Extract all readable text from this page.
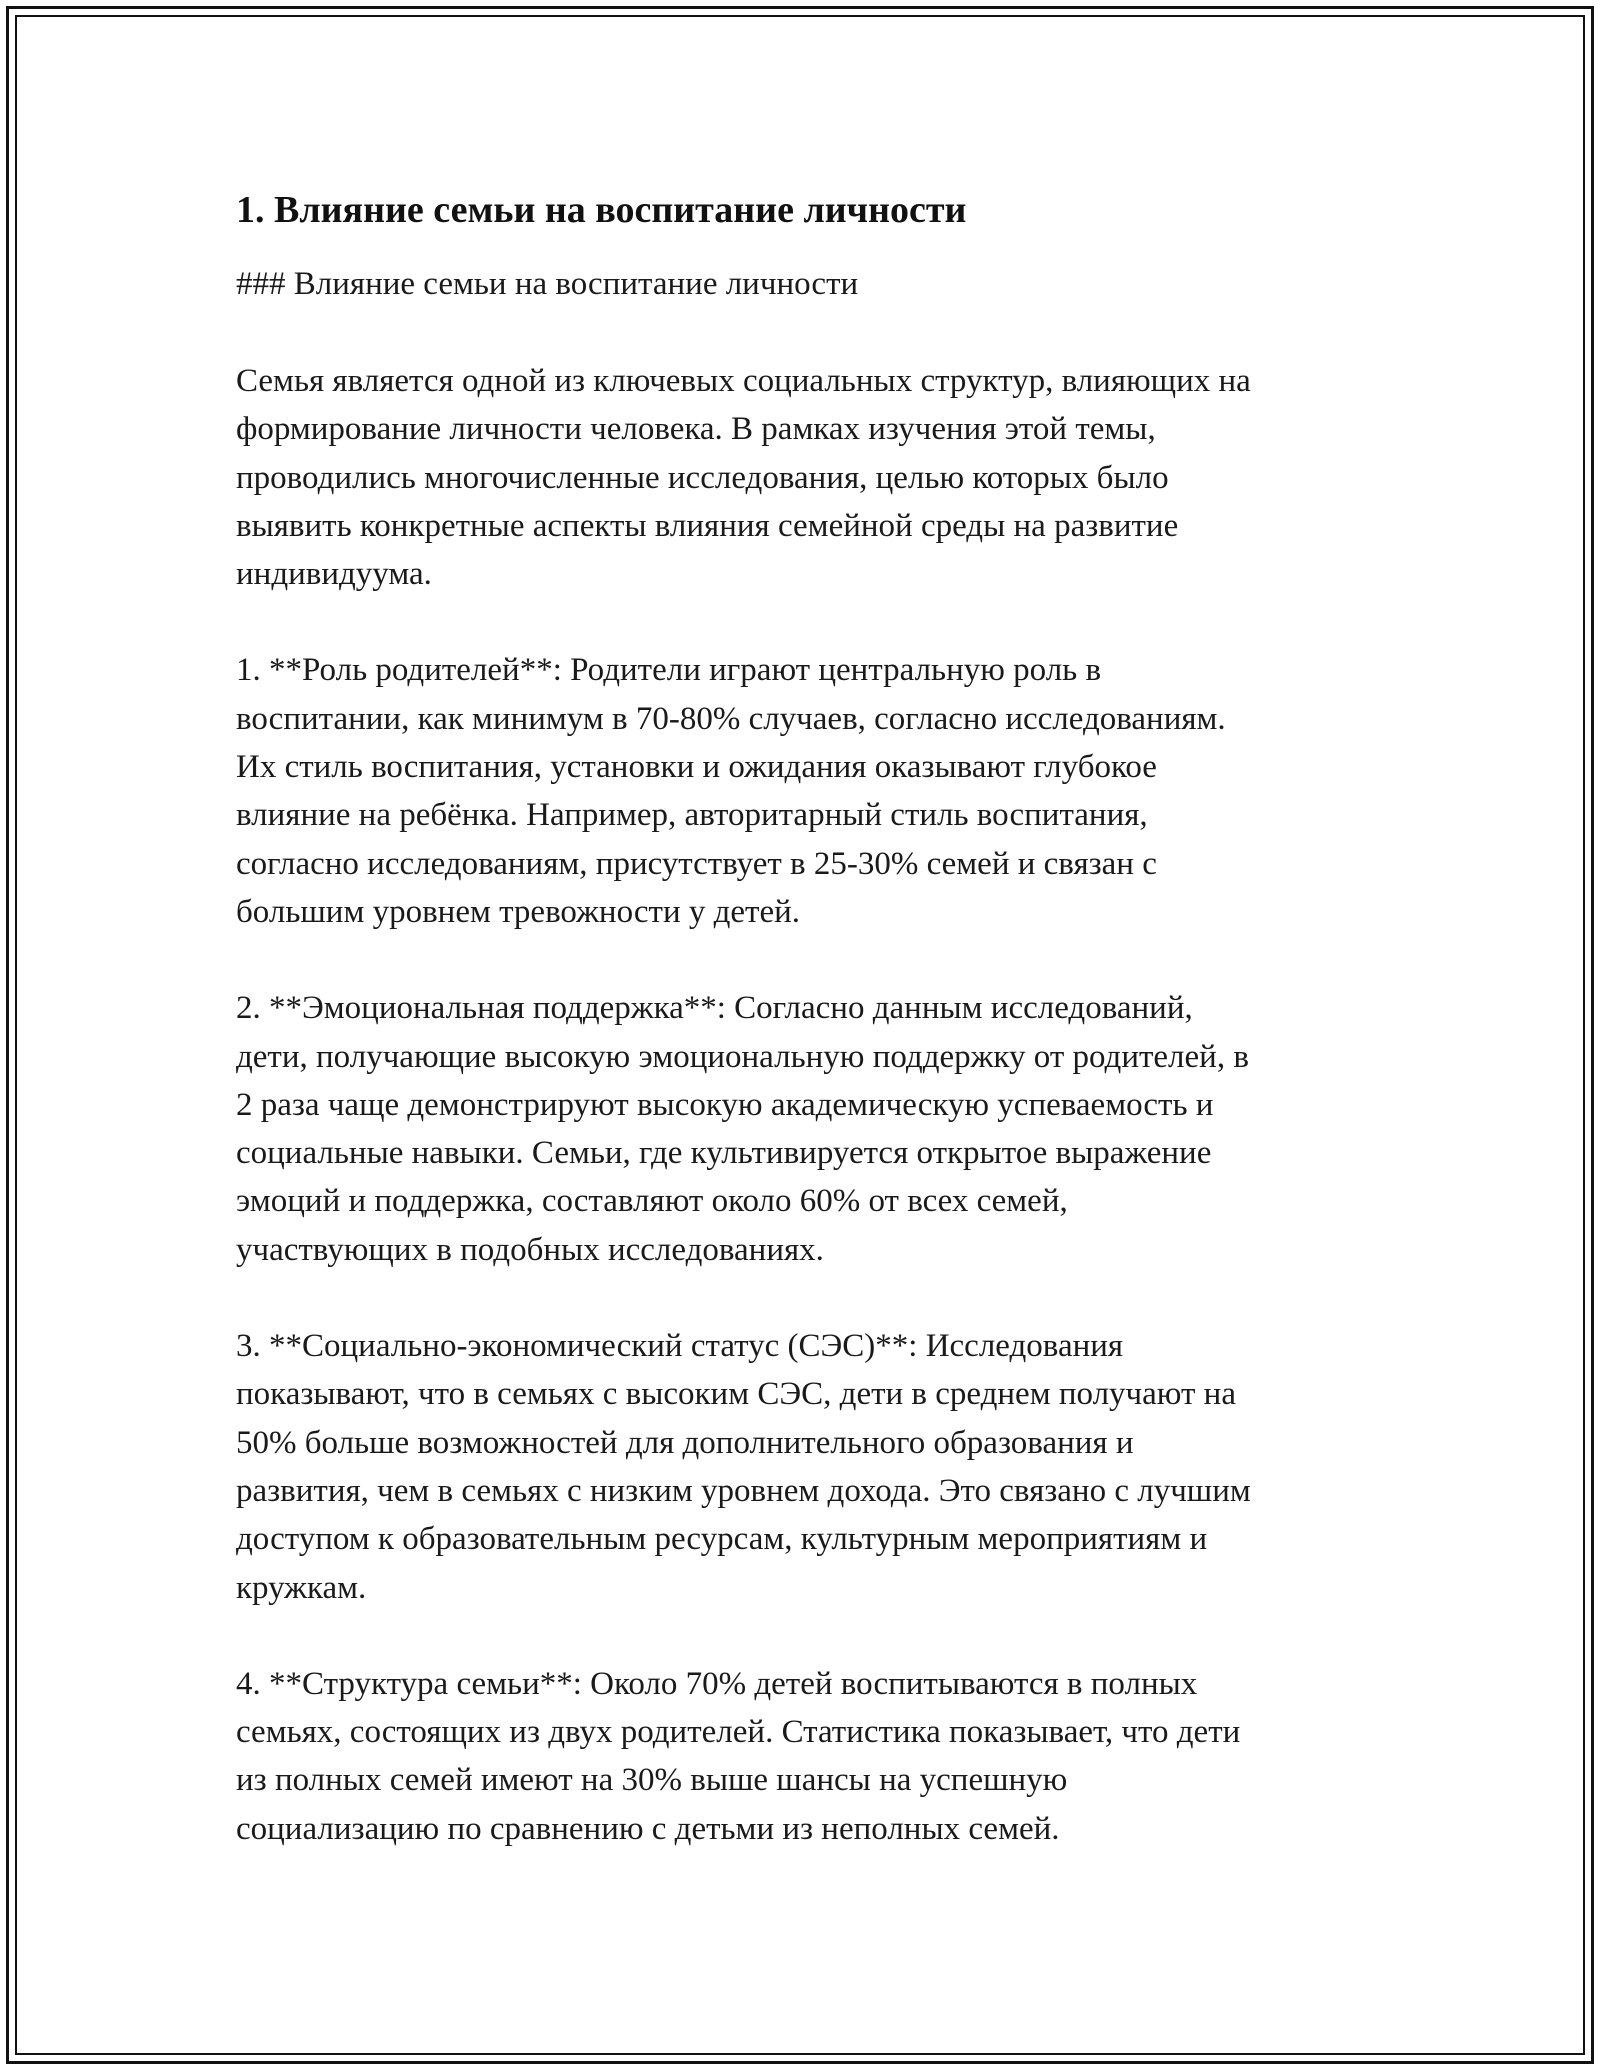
1. Влияние семьи на воспитание личности
### Влияние семьи на воспитание личности
Семья является одной из ключевых социальных структур, влияющих на
формирование личности человека. В рамках изучения этой темы,
проводились многочисленные исследования, целью которых было
выявить конкретные аспекты влияния семейной среды на развитие
индивидуума.
1. **Роль родителей**: Родители играют центральную роль в
воспитании, как минимум в 70-80% случаев, согласно исследованиям.
Их стиль воспитания, установки и ожидания оказывают глубокое
влияние на ребёнка. Например, авторитарный стиль воспитания,
согласно исследованиям, присутствует в 25-30% семей и связан с
большим уровнем тревожности у детей.
2. **Эмоциональная поддержка**: Согласно данным исследований,
дети, получающие высокую эмоциональную поддержку от родителей, в
2 раза чаще демонстрируют высокую академическую успеваемость и
социальные навыки. Семьи, где культивируется открытое выражение
эмоций и поддержка, составляют около 60% от всех семей,
участвующих в подобных исследованиях.
3. **Социально-экономический статус (СЭС)**: Исследования
показывают, что в семьях с высоким СЭС, дети в среднем получают на
50% больше возможностей для дополнительного образования и
развития, чем в семьях с низким уровнем дохода. Это связано с лучшим
доступом к образовательным ресурсам, культурным мероприятиям и
кружкам.
4. **Структура семьи**: Около 70% детей воспитываются в полных
семьях, состоящих из двух родителей. Статистика показывает, что дети
из полных семей имеют на 30% выше шансы на успешную
социализацию по сравнению с детьми из неполных семей.
